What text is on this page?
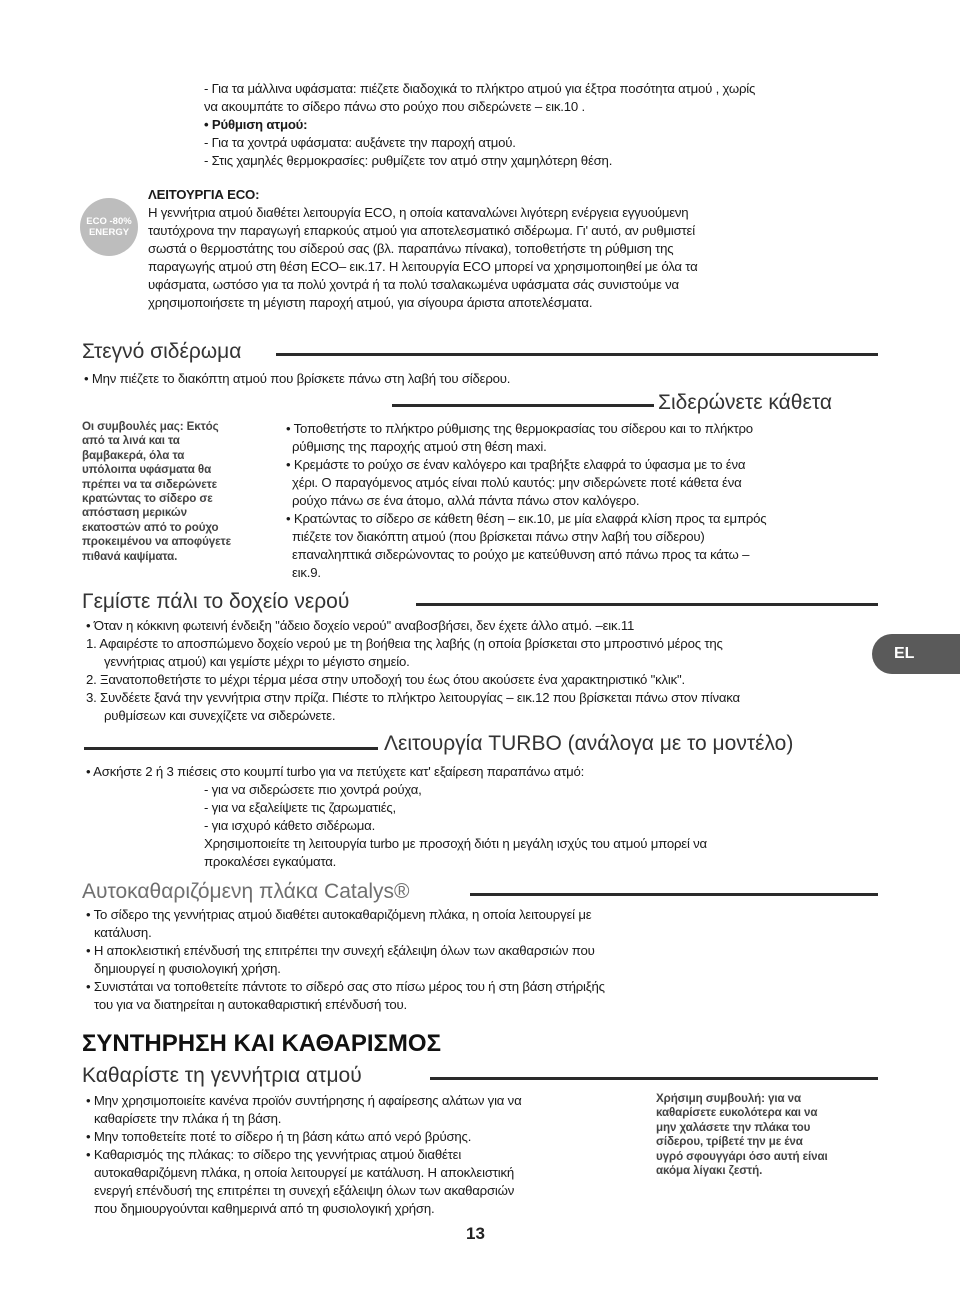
- Για τα μάλλινα υφάσματα: πιέζετε διαδοχικά το πλήκτρο ατμού για έξτρα ποσότητα ατμού , χωρίς

να ακουμπάτε το σίδερο πάνω στο ρούχο που σιδερώνετε – εικ.10 .

• Ρύθμιση ατμού:

- Για τα χοντρά υφάσματα: αυξάνετε την παροχή ατμού.

- Στις χαμηλές θερμοκρασίες: ρυθμίζετε τον ατμό στην χαμηλότερη θέση.

ECO -80%
ENERGY

ΛΕΙΤΟΥΡΓΙΑ ECO:

Η γεννήτρια ατμού διαθέτει λειτουργία ECO, η οποία καταναλώνει λιγότερη ενέργεια εγγυούμενη

ταυτόχρονα την παραγωγή επαρκούς ατμού για αποτελεσματικό σιδέρωμα. Γι' αυτό, αν ρυθμιστεί

σωστά ο θερμοστάτης του σίδερού σας (βλ. παραπάνω πίνακα), τοποθετήστε τη ρύθμιση της

παραγωγής ατμού στη θέση ECO– εικ.17. Η λειτουργία ECO μπορεί να χρησιμοποιηθεί με όλα τα

υφάσματα, ωστόσο για τα πολύ χοντρά ή τα πολύ τσαλακωμένα υφάσματα σάς συνιστούμε να

χρησιμοποιήσετε τη μέγιστη παροχή ατμού, για σίγουρα άριστα αποτελέσματα.

Στεγνό σιδέρωμα

• Μην πιέζετε το διακόπτη ατμού που βρίσκετε πάνω στη λαβή του σίδερου.

Σιδερώνετε κάθετα
Οι συμβουλές μας: Εκτός
από τα λινά και τα
βαμβακερά, όλα τα
υπόλοιπα υφάσματα θα
πρέπει να τα σιδερώνετε
κρατώντας το σίδερο σε
απόσταση μερικών
εκατοστών από το ρούχο
προκειμένου να αποφύγετε
πιθανά καψίματα.

• Τοποθετήστε το πλήκτρο ρύθμισης της θερμοκρασίας του σίδερου και το πλήκτρο

ρύθμισης της παροχής ατμού στη θέση maxi.

• Κρεμάστε το ρούχο σε έναν καλόγερο και τραβήξτε ελαφρά το ύφασμα με το ένα

χέρι. Ο παραγόμενος ατμός είναι πολύ καυτός: μην σιδερώνετε ποτέ κάθετα ένα

ρούχο πάνω σε ένα άτομο, αλλά πάντα πάνω στον καλόγερο.

• Κρατώντας το σίδερο σε κάθετη θέση – εικ.10, με μία ελαφρά κλίση προς τα εμπρός

πιέζετε τον διακόπτη ατμού (που βρίσκεται πάνω στην λαβή του σίδερου)

επαναληπτικά σιδερώνοντας το ρούχο με κατεύθυνση από πάνω προς τα κάτω –

εικ.9.

Γεμίστε πάλι το δοχείο νερού

• Όταν η κόκκινη φωτεινή ένδειξη ''άδειο δοχείο νερού'' αναβοσβήσει, δεν έχετε άλλο ατμό. –εικ.11

1. Αφαιρέστε το αποσπώμενο δοχείο νερού με τη βοήθεια της λαβής (η οποία βρίσκεται στο μπροστινό μέρος της

γεννήτριας ατμού) και γεμίστε μέχρι το μέγιστο σημείο.

2. Ξανατοποθετήστε το μέχρι τέρμα μέσα στην υποδοχή του έως ότου ακούσετε ένα χαρακτηριστικό "κλικ".

3. Συνδέετε ξανά την γεννήτρια στην πρίζα. Πιέστε το πλήκτρο λειτουργίας – εικ.12 που βρίσκεται πάνω στον πίνακα

ρυθμίσεων και συνεχίζετε να σιδερώνετε.

EL
Λειτουργία TURBO (ανάλογα με το μοντέλο)

• Ασκήστε 2 ή 3 πιέσεις στο κουμπί turbo για να πετύχετε κατ' εξαίρεση παραπάνω ατμό:

- για να σιδερώσετε πιο χοντρά ρούχα,

- για να εξαλείψετε τις ζαρωματιές,

- για ισχυρό κάθετο σιδέρωμα.

Χρησιμοποιείτε τη λειτουργία turbo με προσοχή διότι η μεγάλη ισχύς του ατμού μπορεί να

προκαλέσει εγκαύματα.

Αυτοκαθαριζόμενη πλάκα Catalys®

• Το σίδερο της γεννήτριας ατμού διαθέτει αυτοκαθαριζόμενη πλάκα, η οποία λειτουργεί με

κατάλυση.

• Η αποκλειστική επένδυσή της επιτρέπει την συνεχή εξάλειψη όλων των ακαθαρσιών που

δημιουργεί η φυσιολογική χρήση.

• Συνιστάται να τοποθετείτε πάντοτε το σίδερό σας στο πίσω μέρος του ή στη βάση στήριξής

του για να διατηρείται η αυτοκαθαριστική επένδυσή του.

ΣΥΝΤΗΡΗΣΗ ΚΑΙ ΚΑΘΑΡΙΣΜΟΣ
Καθαρίστε τη γεννήτρια ατμού

• Μην χρησιμοποιείτε κανένα προϊόν συντήρησης ή αφαίρεσης αλάτων για να

καθαρίσετε την πλάκα ή τη βάση.

• Μην τοποθετείτε ποτέ το σίδερο ή τη βάση κάτω από νερό βρύσης.

• Καθαρισμός της πλάκας: το σίδερο της γεννήτριας ατμού διαθέτει

αυτοκαθαριζόμενη πλάκα, η οποία λειτουργεί με κατάλυση. Η αποκλειστική

ενεργή επένδυσή της επιτρέπει τη συνεχή εξάλειψη όλων των ακαθαρσιών

που δημιουργούνται καθημερινά από τη φυσιολογική χρήση.

Χρήσιμη συμβουλή: για να
καθαρίσετε ευκολότερα και να
μην χαλάσετε την πλάκα του
σίδερου, τρίβετέ την με ένα
υγρό σφουγγάρι όσο αυτή είναι
ακόμα λίγακι ζεστή.
13
